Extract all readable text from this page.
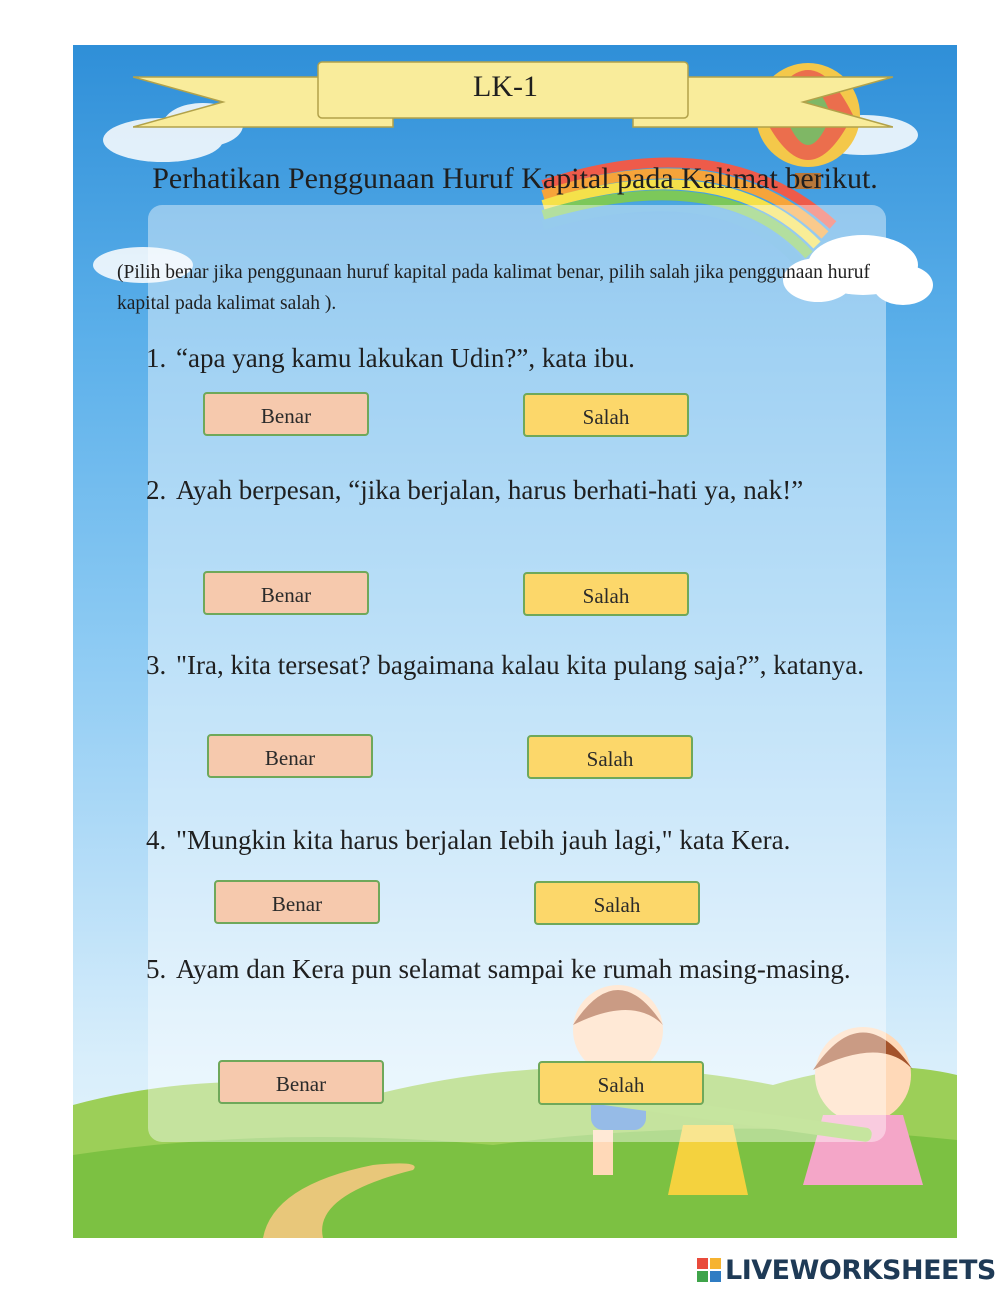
LK-1
Perhatikan Penggunaan Huruf Kapital pada Kalimat berikut.
(Pilih benar jika penggunaan huruf kapital pada kalimat benar, pilih salah jika penggunaan huruf kapital pada kalimat salah ).
1. “apa yang kamu lakukan Udin?”, kata ibu.
Benar	Salah
2. Ayah berpesan, “jika berjalan, harus berhati-hati ya, nak!”
Benar	Salah
3. "Ira, kita tersesat? bagaimana kalau kita pulang saja?”, katanya.
Benar	Salah
4. "Mungkin kita harus berjalan Iebih jauh lagi," kata Kera.
Benar	Salah
5. Ayam dan Kera pun selamat sampai ke rumah masing-masing.
Benar	Salah
LIVEWORKSHEETS
